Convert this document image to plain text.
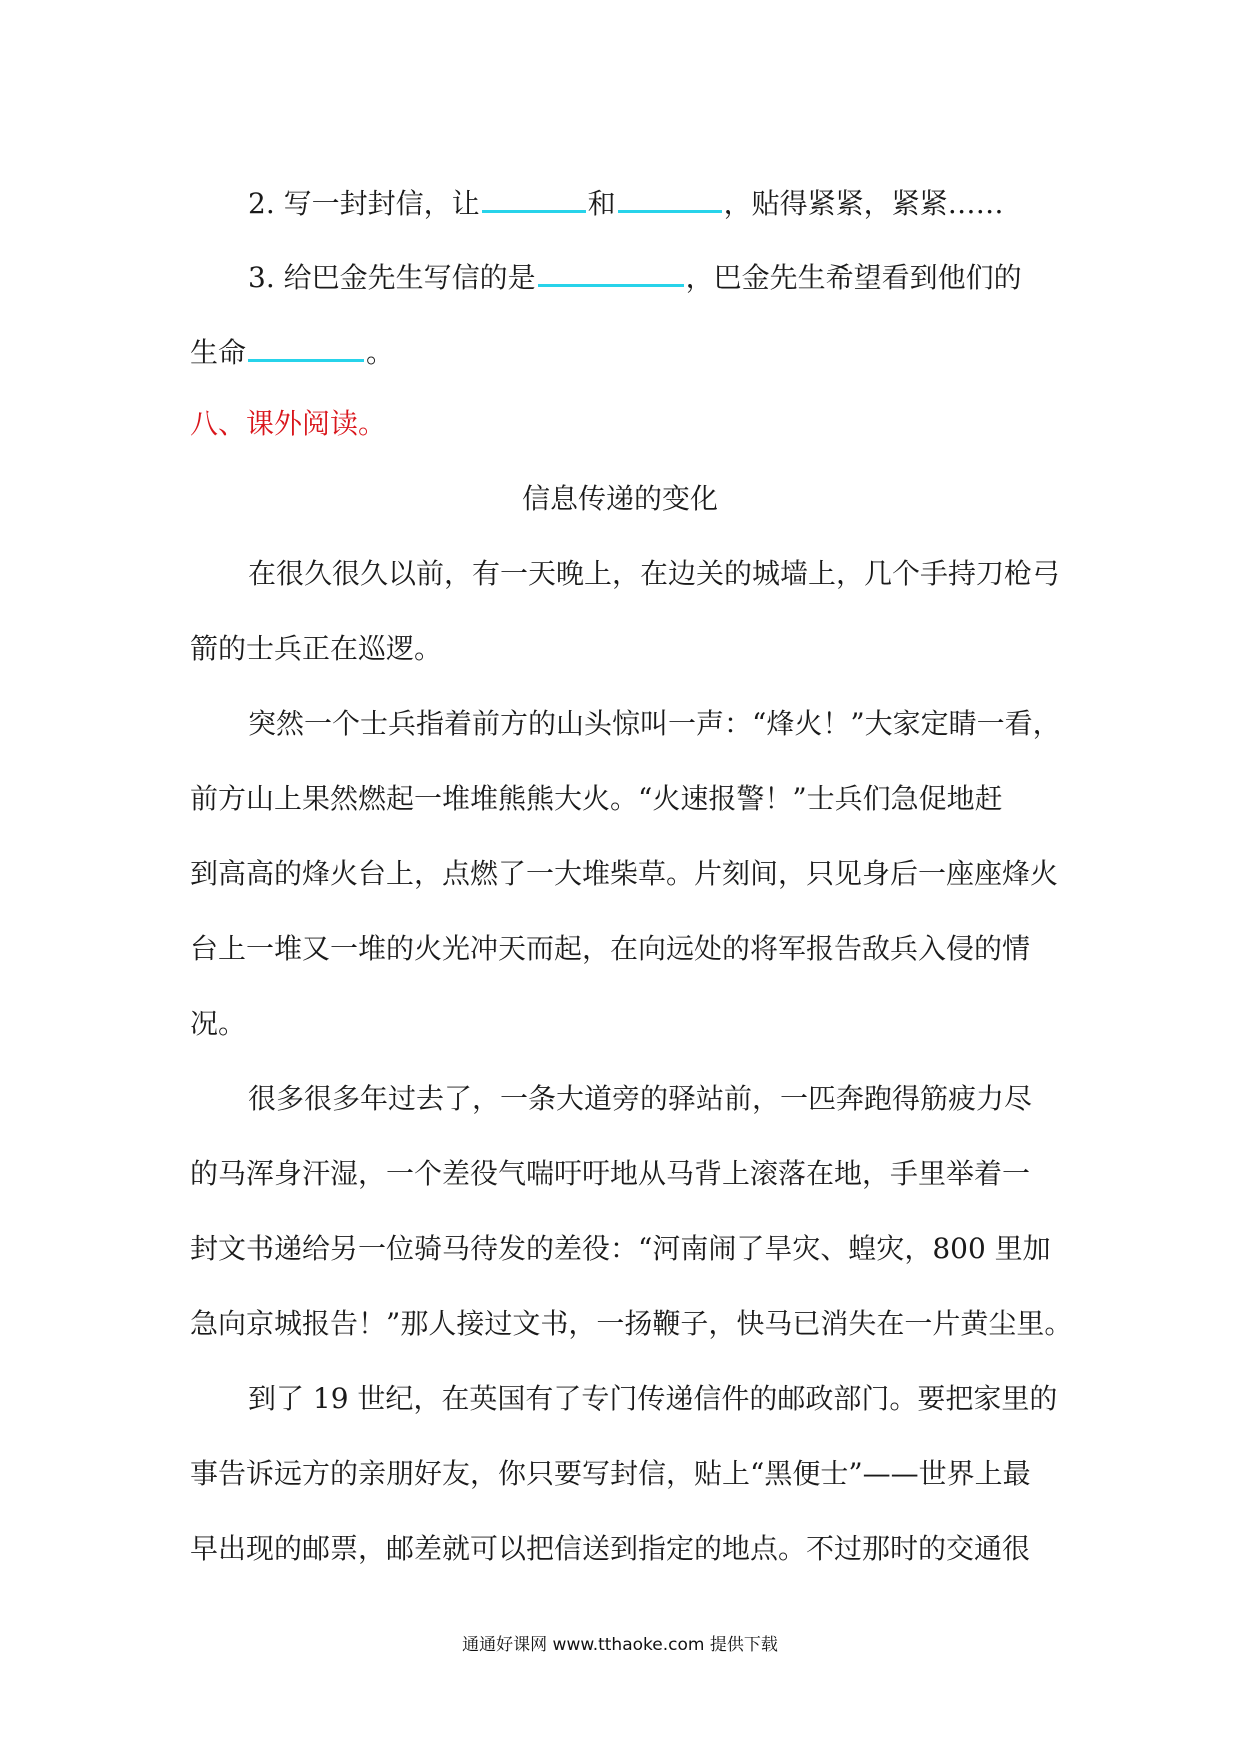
2. 写一封封信，让	和	，贴得紧紧，紧紧……
3. 给巴金先生写信的是	，巴金先生希望看到他们的
生命	。
八、课外阅读。
信息传递的变化
在很久很久以前，有一天晚上，在边关的城墙上，几个手持刀枪弓
箭的士兵正在巡逻。
突然一个士兵指着前方的山头惊叫一声：“烽火！”大家定睛一看，
前方山上果然燃起一堆堆熊熊大火。“火速报警！”士兵们急促地赶
到高高的烽火台上，点燃了一大堆柴草。片刻间，只见身后一座座烽火
台上一堆又一堆的火光冲天而起，在向远处的将军报告敌兵入侵的情
况。
很多很多年过去了，一条大道旁的驿站前，一匹奔跑得筋疲力尽
的马浑身汗湿，一个差役气喘吁吁地从马背上滚落在地，手里举着一
封文书递给另一位骑马待发的差役：“河南闹了旱灾、蝗灾，800 里加
急向京城报告！”那人接过文书，一扬鞭子，快马已消失在一片黄尘里。
到了 19 世纪，在英国有了专门传递信件的邮政部门。要把家里的
事告诉远方的亲朋好友，你只要写封信，贴上“黑便士”——世界上最
早出现的邮票，邮差就可以把信送到指定的地点。不过那时的交通很
通通好课网 www.tthaoke.com 提供下载
